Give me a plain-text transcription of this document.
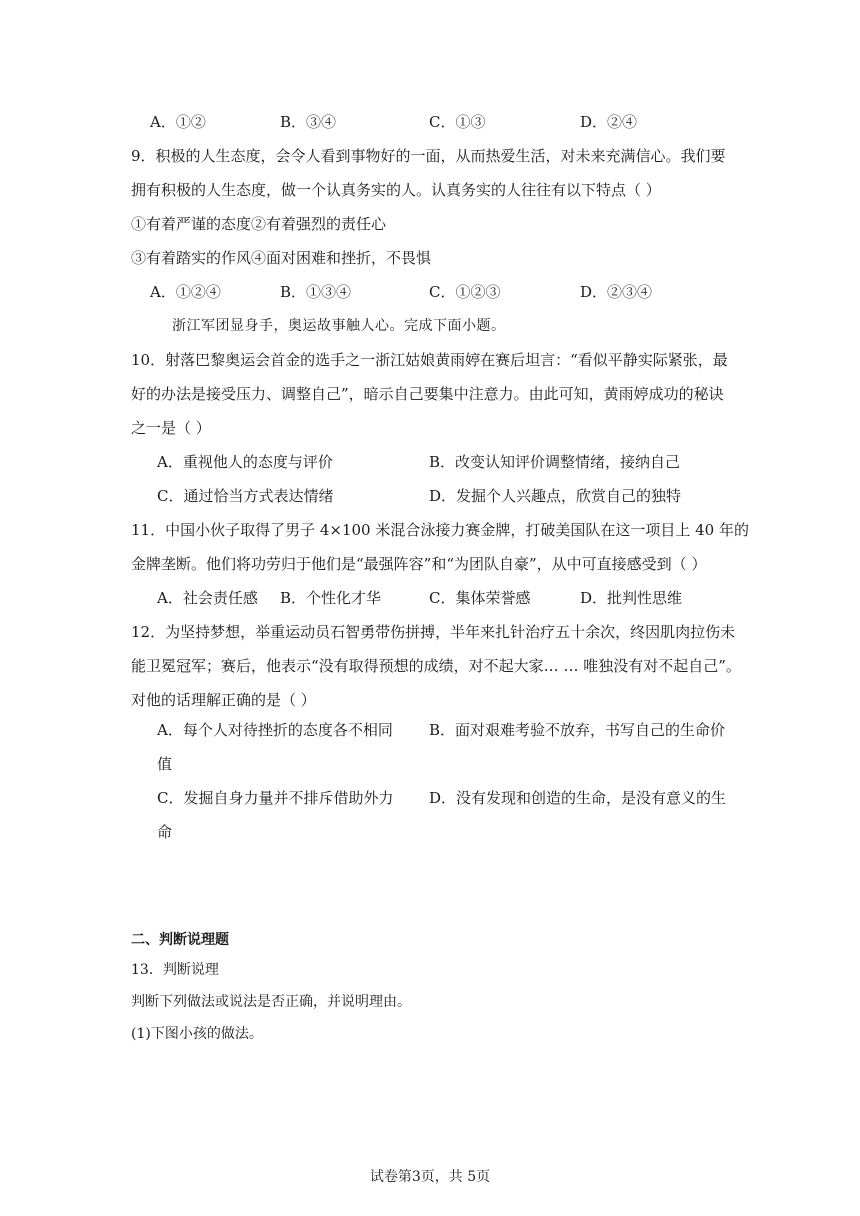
A．①②	B．③④	C．①③	D．②④
9．积极的人生态度，会令人看到事物好的一面，从而热爱生活，对未来充满信心。我们要
拥有积极的人生态度，做一个认真务实的人。认真务实的人往往有以下特点（ ）
①有着严谨的态度②有着强烈的责任心
③有着踏实的作风④面对困难和挫折，不畏惧
A．①②④	B．①③④	C．①②③	D．②③④
浙江军团显身手，奥运故事触人心。完成下面小题。
10．射落巴黎奥运会首金的选手之一浙江姑娘黄雨婷在赛后坦言：“看似平静实际紧张，最
好的办法是接受压力、调整自己”，暗示自己要集中注意力。由此可知，黄雨婷成功的秘诀
之一是（ ）
A．重视他人的态度与评价	B．改变认知评价调整情绪，接纳自己
C．通过恰当方式表达情绪	D．发掘个人兴趣点，欣赏自己的独特
11．中国小伙子取得了男子 4×100 米混合泳接力赛金牌，打破美国队在这一项目上 40 年的
金牌垄断。他们将功劳归于他们是“最强阵容”和“为团队自豪”，从中可直接感受到（ ）
A．社会责任感 B．个性化才华	C．集体荣誉感	D．批判性思维
12．为坚持梦想，举重运动员石智勇带伤拼搏，半年来扎针治疗五十余次，终因肌肉拉伤未
能卫冕冠军；赛后，他表示“没有取得预想的成绩，对不起大家… … 唯独没有对不起自己”。
对他的话理解正确的是（ ）
A．每个人对待挫折的态度各不相同 B．面对艰难考验不放弃，书写自己的生命价
值
C．发掘自身力量并不排斥借助外力 D．没有发现和创造的生命，是没有意义的生
命
二、判断说理题
13．判断说理
判断下列做法或说法是否正确，并说明理由。
(1)下图小孩的做法。
试卷第3页，共 5页
